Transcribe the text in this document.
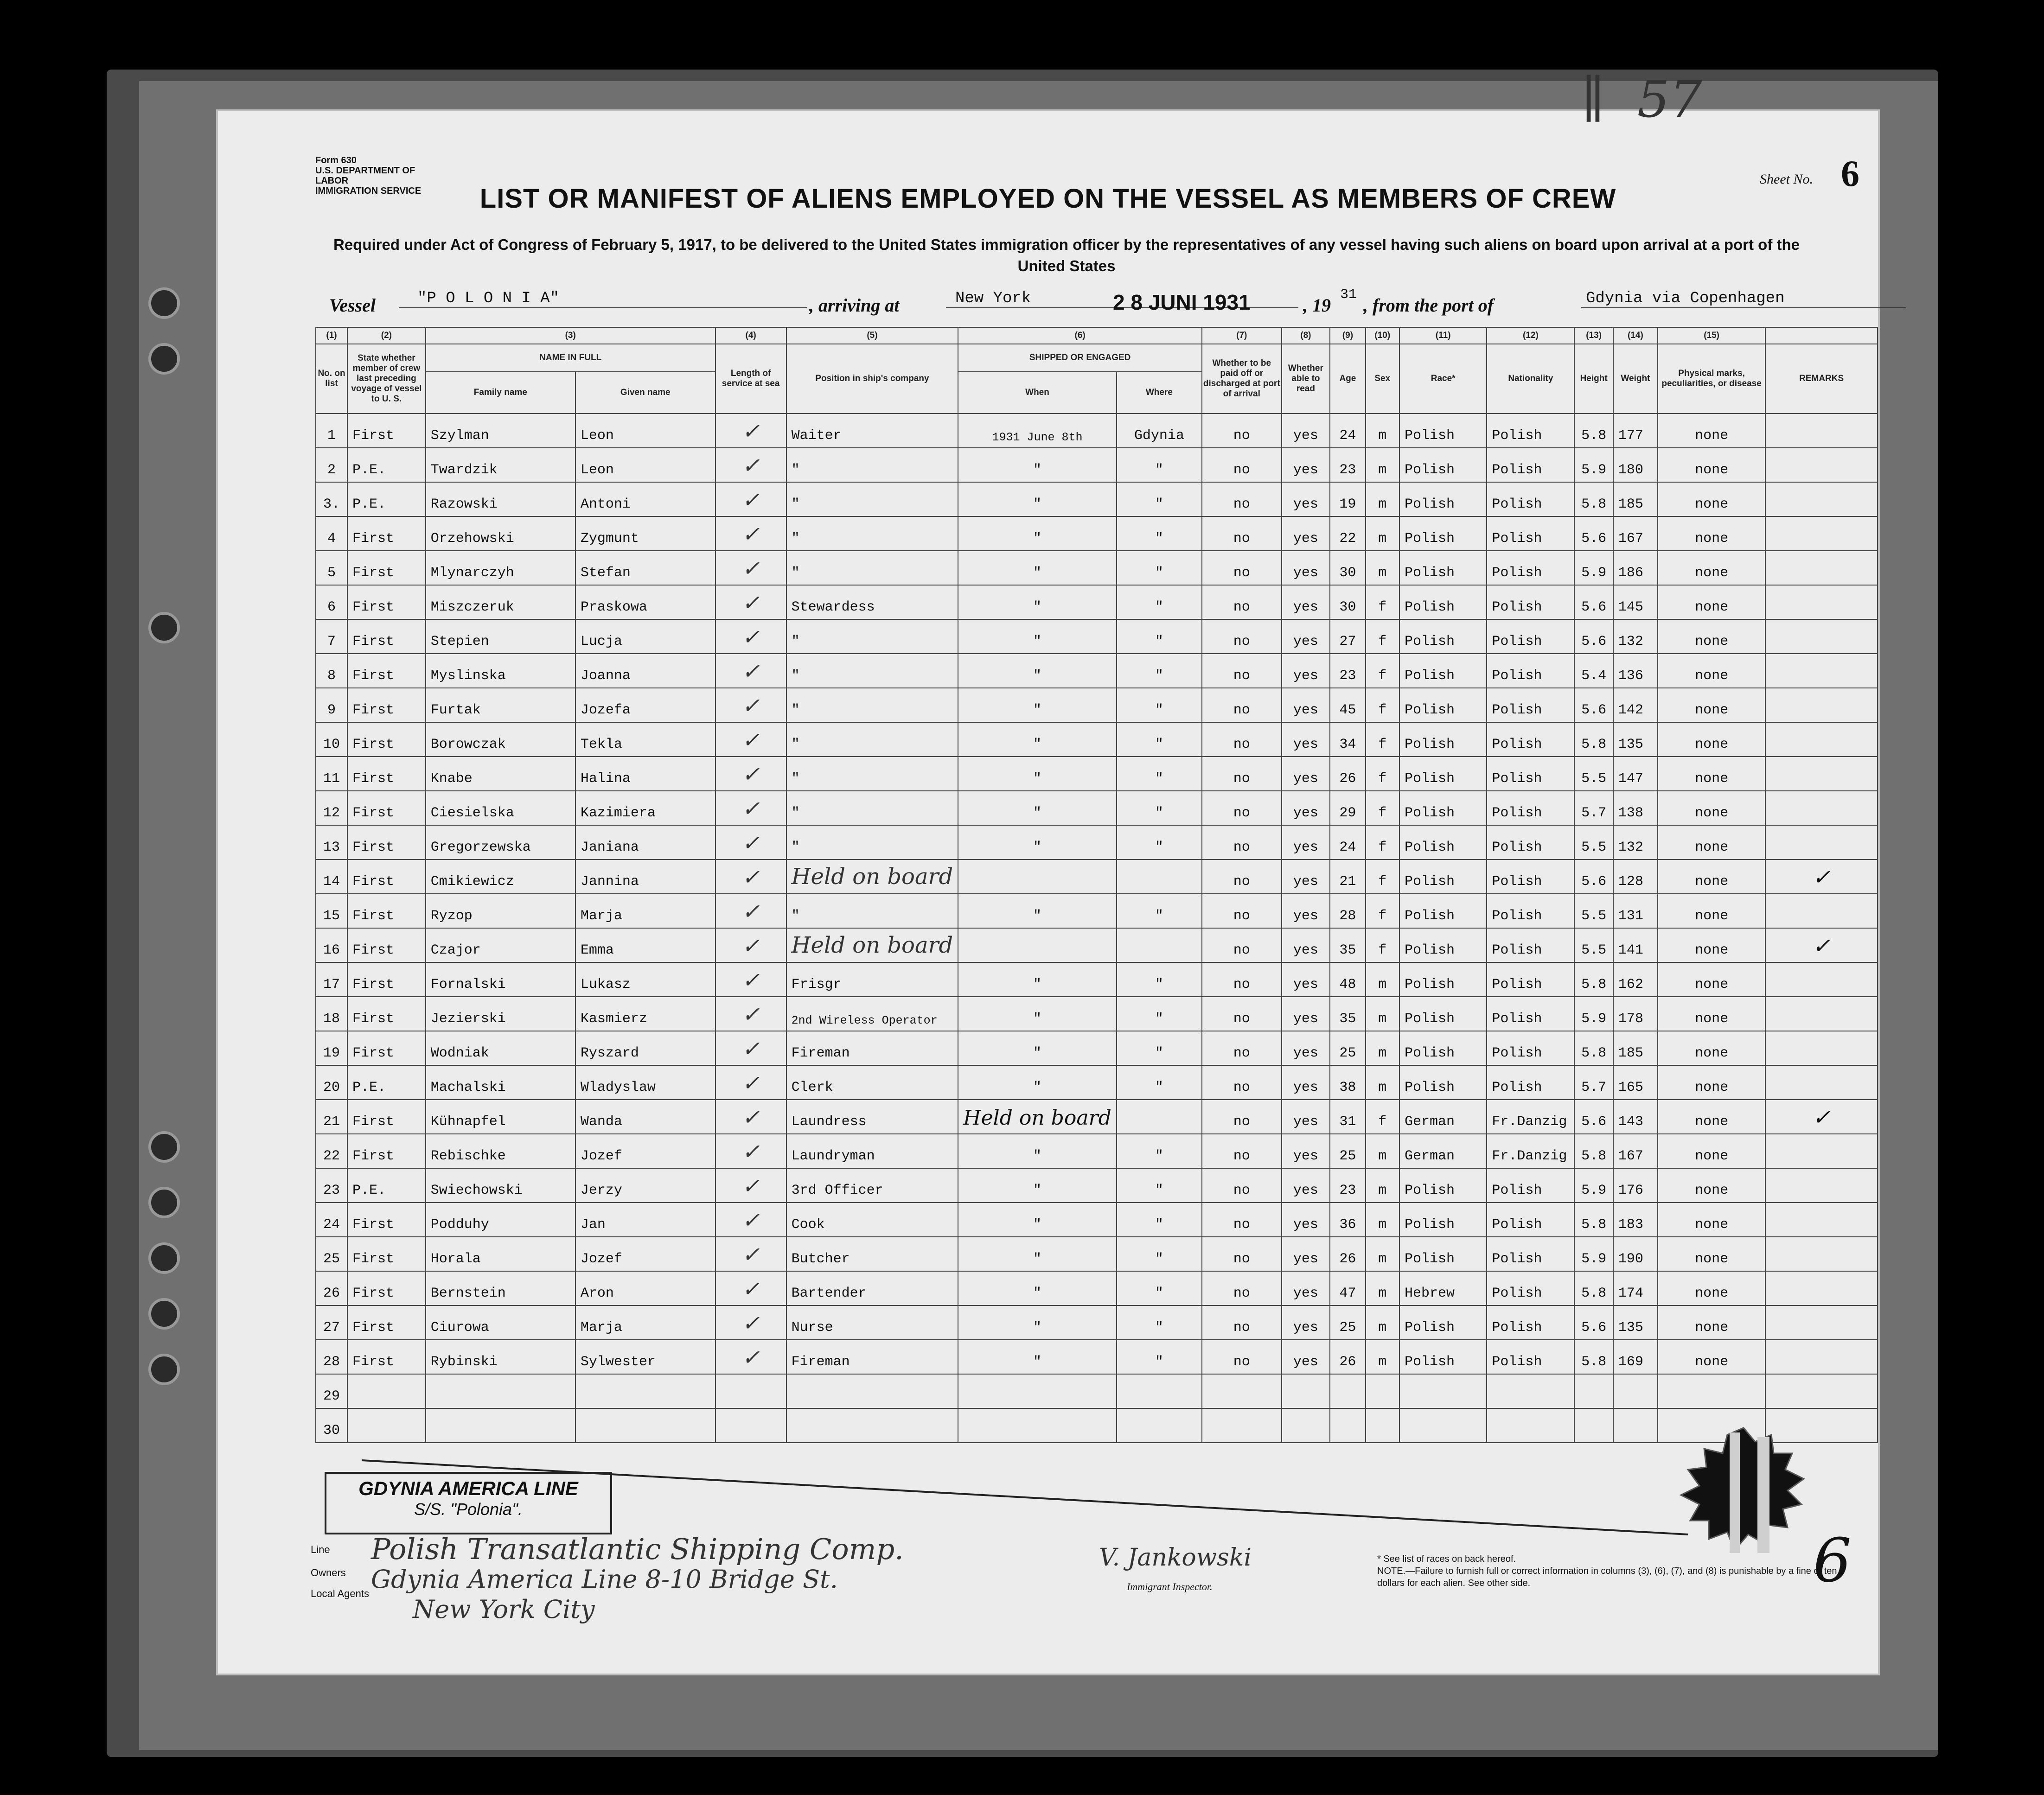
Form 630
U.S. DEPARTMENT OF LABOR
IMMIGRATION SERVICE
∥  57
Sheet No. 6
LIST OR MANIFEST OF ALIENS EMPLOYED ON THE VESSEL AS MEMBERS OF CREW
Required under Act of Congress of February 5, 1917, to be delivered to the United States immigration officer by the representatives of any vessel having such aliens on board upon arrival at a port of the United States
Vessel	"P O L O N I A"	, arriving at	New York	2 8 JUNI 1931	, 19 31 , from the port of	Gdynia via Copenhagen
(1)	(2)	(3)		(4)	(5)	(6)		(7)	(8)	(9)	(10)	(11)	(12)	(13)	(14)	(15)	
No. on list	State whether member of crew last preceding voyage of vessel to U. S.	NAME IN FULL		Length of service at sea	Position in ship's company	SHIPPED OR ENGAGED		Whether to be paid off or discharged at port of arrival	Whether able to read	Age	Sex	Race*	Nationality	Height	Weight	Physical marks, peculiarities, or disease	REMARKS
		Family name	Given name			When	Where										
1	First	Szylman	Leon	✓	Waiter	1931 June 8th	Gdynia	no	yes	24	m	Polish	Polish	5.8	177	none	
2	P.E.	Twardzik	Leon	✓	"	"	"	no	yes	23	m	Polish	Polish	5.9	180	none	
3.	P.E.	Razowski	Antoni	✓	"	"	"	no	yes	19	m	Polish	Polish	5.8	185	none	
4	First	Orzehowski	Zygmunt	✓	"	"	"	no	yes	22	m	Polish	Polish	5.6	167	none	
5	First	Mlynarczyh	Stefan	✓	"	"	"	no	yes	30	m	Polish	Polish	5.9	186	none	
6	First	Miszczeruk	Praskowa	✓	Stewardess	"	"	no	yes	30	f	Polish	Polish	5.6	145	none	
7	First	Stepien	Lucja	✓	"	"	"	no	yes	27	f	Polish	Polish	5.6	132	none	
8	First	Myslinska	Joanna	✓	"	"	"	no	yes	23	f	Polish	Polish	5.4	136	none	
9	First	Furtak	Jozefa	✓	"	"	"	no	yes	45	f	Polish	Polish	5.6	142	none	
10	First	Borowczak	Tekla	✓	"	"	"	no	yes	34	f	Polish	Polish	5.8	135	none	
11	First	Knabe	Halina	✓	"	"	"	no	yes	26	f	Polish	Polish	5.5	147	none	
12	First	Ciesielska	Kazimiera	✓	"	"	"	no	yes	29	f	Polish	Polish	5.7	138	none	
13	First	Gregorzewska	Janiana	✓	"	"	"	no	yes	24	f	Polish	Polish	5.5	132	none	
14	First	Cmikiewicz	Jannina	✓	Held on board			no	yes	21	f	Polish	Polish	5.6	128	none	✓
15	First	Ryzop	Marja	✓	"	"	"	no	yes	28	f	Polish	Polish	5.5	131	none	
16	First	Czajor	Emma	✓	Held on board			no	yes	35	f	Polish	Polish	5.5	141	none	✓
17	First	Fornalski	Lukasz	✓	Frisgr	"	"	no	yes	48	m	Polish	Polish	5.8	162	none	
18	First	Jezierski	Kasmierz	✓	2nd Wireless Operator	"	"	no	yes	35	m	Polish	Polish	5.9	178	none	
19	First	Wodniak	Ryszard	✓	Fireman	"	"	no	yes	25	m	Polish	Polish	5.8	185	none	
20	P.E.	Machalski	Wladyslaw	✓	Clerk	"	"	no	yes	38	m	Polish	Polish	5.7	165	none	
21	First	Kühnapfel	Wanda	✓	Laundress	Held on board		no	yes	31	f	German	Fr.Danzig	5.6	143	none	✓
22	First	Rebischke	Jozef	✓	Laundryman	"	"	no	yes	25	m	German	Fr.Danzig	5.8	167	none	
23	P.E.	Swiechowski	Jerzy	✓	3rd Officer	"	"	no	yes	23	m	Polish	Polish	5.9	176	none	
24	First	Podduhy	Jan	✓	Cook	"	"	no	yes	36	m	Polish	Polish	5.8	183	none	
25	First	Horala	Jozef	✓	Butcher	"	"	no	yes	26	m	Polish	Polish	5.9	190	none	
26	First	Bernstein	Aron	✓	Bartender	"	"	no	yes	47	m	Hebrew	Polish	5.8	174	none	
27	First	Ciurowa	Marja	✓	Nurse	"	"	no	yes	25	m	Polish	Polish	5.6	135	none	
28	First	Rybinski	Sylwester	✓	Fireman	"	"	no	yes	26	m	Polish	Polish	5.8	169	none	
29																	
30																	
GDYNIA AMERICA LINE
S/S. "Polonia".
Line
Owners
Local Agents
Polish Transatlantic Shipping Comp.
Gdynia America Line 8-10 Bridge St.
New York City
V. Jankowski
Immigrant Inspector.
* See list of races on back hereof.
NOTE.—Failure to furnish full or correct information in columns (3), (6), (7), and (8) is punishable by a fine of ten dollars for each alien. See other side.	6
